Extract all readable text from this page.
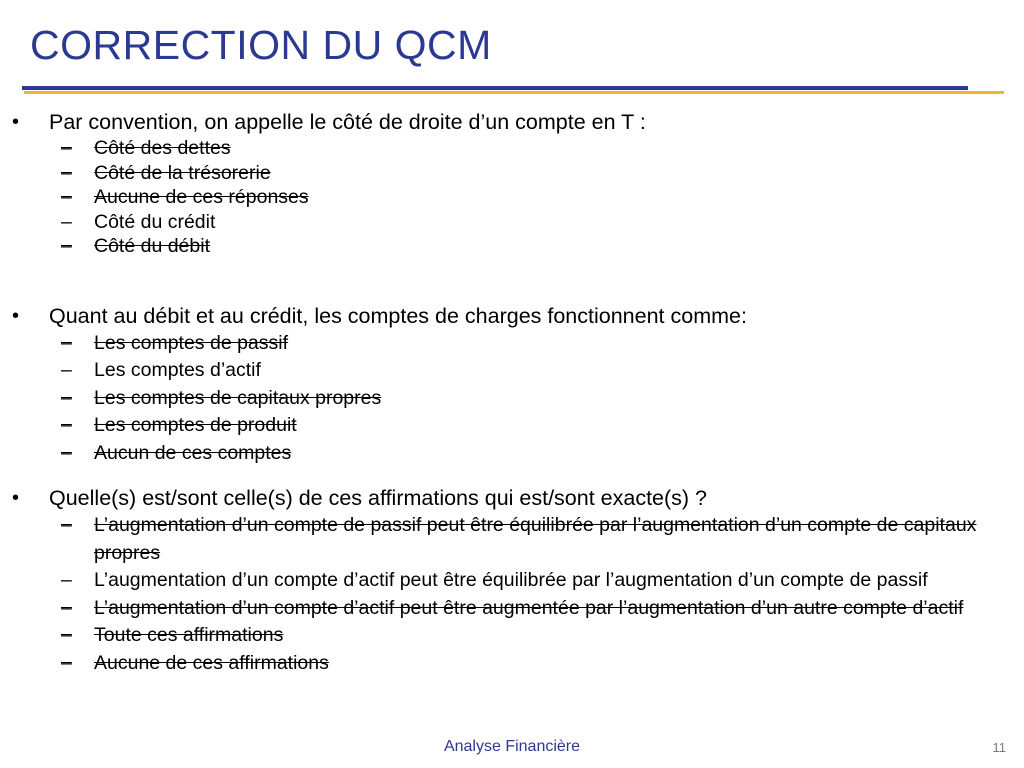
CORRECTION DU QCM
• Par convention, on appelle le côté de droite d’un compte en T :
– Côté des dettes
– Côté de la trésorerie
– Aucune de ces réponses
– Côté du crédit
– Côté du débit
• Quant au débit et au crédit, les comptes de charges fonctionnent comme:
– Les comptes de passif
– Les comptes d’actif
– Les comptes de capitaux propres
– Les comptes de produit
– Aucun de ces comptes
• Quelle(s) est/sont celle(s) de ces affirmations qui est/sont exacte(s) ?
– L’augmentation d’un compte de passif peut être équilibrée par l’augmentation d’un compte de capitaux propres
– L’augmentation d’un compte d’actif peut être équilibrée par l’augmentation d’un compte de passif
– L’augmentation d’un compte d’actif peut être augmentée par l’augmentation d’un autre compte d’actif
– Toute ces affirmations
– Aucune de ces affirmations
Analyse Financière	11
